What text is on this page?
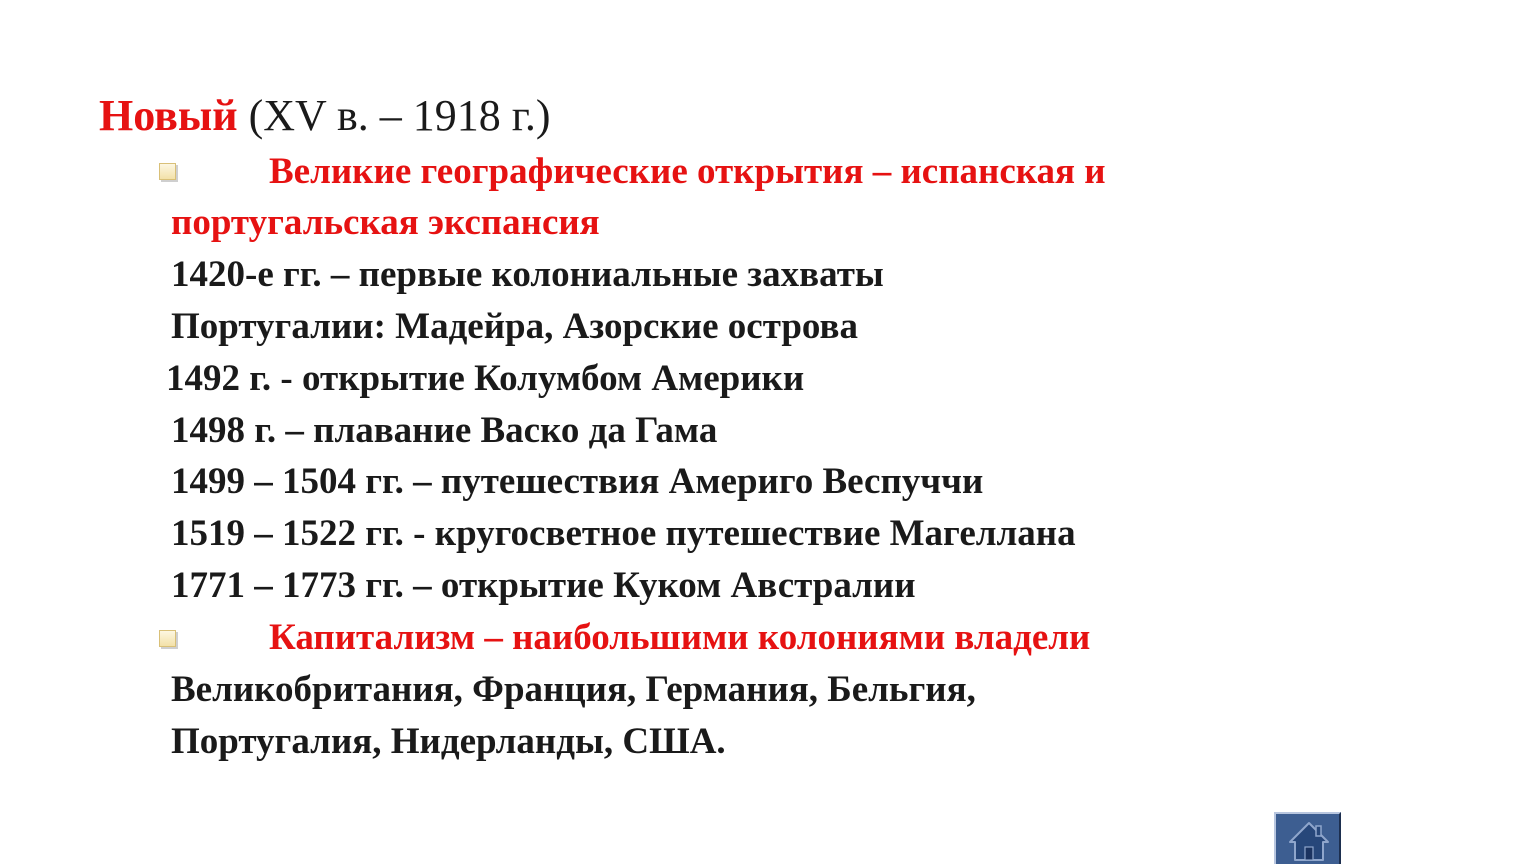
Новый (XV в. – 1918 г.)
Великие географические открытия – испанская и
португальская экспансия
1420-е гг. – первые колониальные захваты
Португалии: Мадейра, Азорские острова
1492 г. - открытие Колумбом Америки
1498 г. – плавание Васко да Гама
1499 – 1504 гг. – путешествия Америго Веспуччи
1519 – 1522 гг. - кругосветное путешествие Магеллана
1771 – 1773 гг. – открытие Куком Австралии
Капитализм – наибольшими колониями владели
Великобритания, Франция, Германия, Бельгия,
Португалия, Нидерланды, США.
